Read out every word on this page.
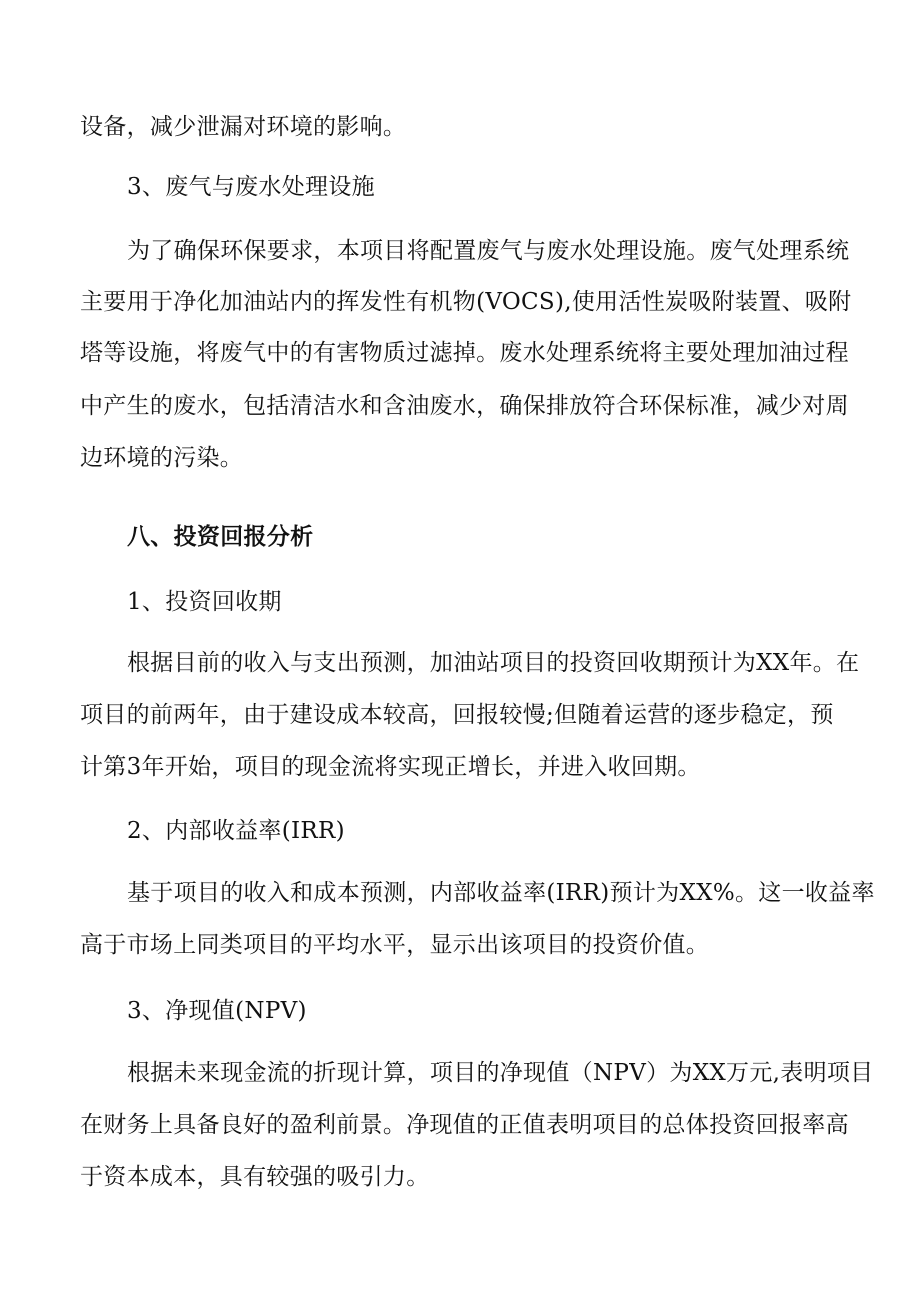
设备，减少泄漏对环境的影响。
3、废气与废水处理设施
为了确保环保要求，本项目将配置废气与废水处理设施。废气处理系统
主要用于净化加油站内的挥发性有机物(VOCS),使用活性炭吸附装置、吸附
塔等设施，将废气中的有害物质过滤掉。废水处理系统将主要处理加油过程
中产生的废水，包括清洁水和含油废水，确保排放符合环保标准，减少对周
边环境的污染。
八、投资回报分析
1、投资回收期
根据目前的收入与支出预测，加油站项目的投资回收期预计为XX年。在
项目的前两年，由于建设成本较高，回报较慢;但随着运营的逐步稳定，预
计第3年开始，项目的现金流将实现正增长，并进入收回期。
2、内部收益率(IRR)
基于项目的收入和成本预测，内部收益率(IRR)预计为XX%。这一收益率
高于市场上同类项目的平均水平，显示出该项目的投资价值。
3、净现值(NPV)
根据未来现金流的折现计算，项目的净现值（NPV）为XX万元,表明项目
在财务上具备良好的盈利前景。净现值的正值表明项目的总体投资回报率高
于资本成本，具有较强的吸引力。
